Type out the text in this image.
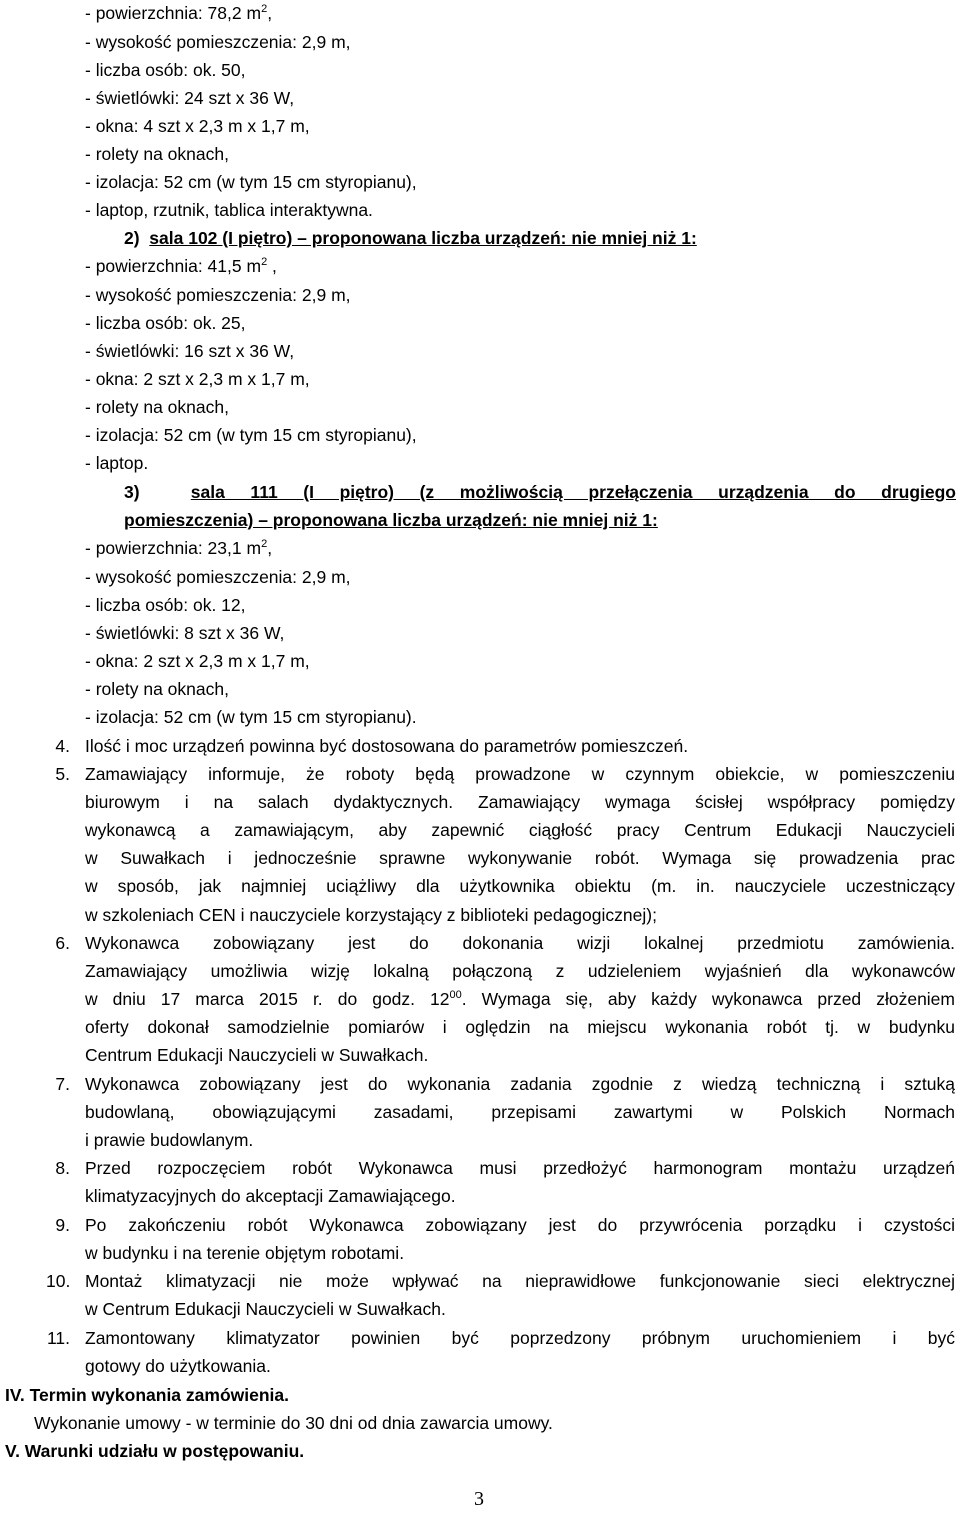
- powierzchnia: 78,2 $m^2$,
- wysokość pomieszczenia: 2,9 m,
- liczba osób: ok. 50,
- świetlówki: 24 szt x 36 W,
- okna: 4 szt x 2,3 m x 1,7 m,
- rolety na oknach,
- izolacja: 52 cm (w tym 15 cm styropianu),
- laptop, rzutnik, tablica interaktywna.
2) sala 102 (I piętro) – proponowana liczba urządzeń: nie mniej niż 1:
- powierzchnia: 41,5 $m^2$ ,
- wysokość pomieszczenia: 2,9 m,
- liczba osób: ok. 25,
- świetlówki: 16 szt x 36 W,
- okna: 2 szt x 2,3 m x 1,7 m,
- rolety na oknach,
- izolacja: 52 cm (w tym 15 cm styropianu),
- laptop.
3)	sala 111 (I piętro) (z możliwością przełączenia urządzenia do drugiego
pomieszczenia) – proponowana liczba urządzeń: nie mniej niż 1:
- powierzchnia: 23,1 $m^2$,
- wysokość pomieszczenia: 2,9 m,
- liczba osób: ok. 12,
- świetlówki: 8 szt x 36 W,
- okna: 2 szt x 2,3 m x 1,7 m,
- rolety na oknach,
- izolacja: 52 cm (w tym 15 cm styropianu).
4. Ilość i moc urządzeń powinna być dostosowana do parametrów pomieszczeń.
5. Zamawiający informuje, że roboty będą prowadzone w czynnym obiekcie, w pomieszczeniu
biurowym i na salach dydaktycznych. Zamawiający wymaga ścisłej współpracy pomiędzy
wykonawcą a zamawiającym, aby zapewnić ciągłość pracy Centrum Edukacji Nauczycieli
w Suwałkach i jednocześnie sprawne wykonywanie robót. Wymaga się prowadzenia prac
w sposób, jak najmniej uciążliwy dla użytkownika obiektu (m. in. nauczyciele uczestniczący
w szkoleniach CEN i nauczyciele korzystający z biblioteki pedagogicznej);
6. Wykonawca zobowiązany jest do dokonania wizji lokalnej przedmiotu zamówienia.
Zamawiający umożliwia wizję lokalną połączoną z udzieleniem wyjaśnień dla wykonawców
w dniu 17 marca 2015 r. do godz. $12^{00}$. Wymaga się, aby każdy wykonawca przed złożeniem
oferty dokonał samodzielnie pomiarów i oględzin na miejscu wykonania robót tj. w budynku
Centrum Edukacji Nauczycieli w Suwałkach.
7. Wykonawca zobowiązany jest do wykonania zadania zgodnie z wiedzą techniczną i sztuką
budowlaną, obowiązującymi zasadami, przepisami zawartymi w Polskich Normach
i prawie budowlanym.
8. Przed rozpoczęciem robót Wykonawca musi przedłożyć harmonogram montażu urządzeń
klimatyzacyjnych do akceptacji Zamawiającego.
9. Po zakończeniu robót Wykonawca zobowiązany jest do przywrócenia porządku i czystości
w budynku i na terenie objętym robotami.
10. Montaż klimatyzacji nie może wpływać na nieprawidłowe funkcjonowanie sieci elektrycznej
w Centrum Edukacji Nauczycieli w Suwałkach.
11. Zamontowany klimatyzator powinien być poprzedzony próbnym uruchomieniem i być
gotowy do użytkowania.
IV. Termin wykonania zamówienia.
Wykonanie umowy - w terminie do 30 dni od dnia zawarcia umowy.
V. Warunki udziału w postępowaniu.
3
